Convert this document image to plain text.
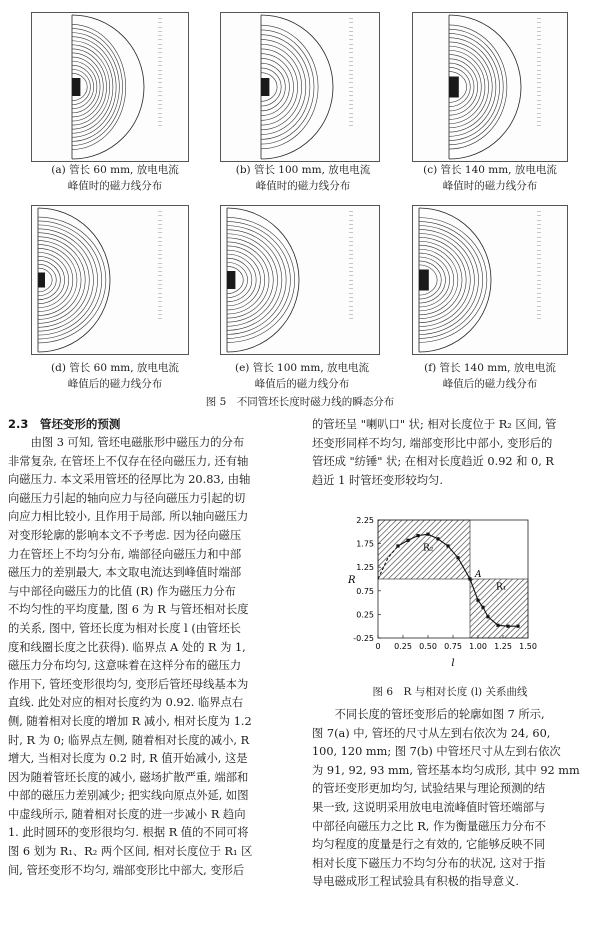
——
——
——
——
——
——
——
——
——
——
——
——
——
——
——
——
——
——
——
——
——
——
——
——
——
——

——
——
——
——
——
——
——
——
——
——
——
——
——
——
——
——
——
——
——
——
——
——
——
——
——
——

——
——
——
——
——
——
——
——
——
——
——
——
——
——
——
——
——
——
——
——
——
——
——
——
——
——

——
——
——
——
——
——
——
——
——
——
——
——
——
——
——
——
——
——
——
——
——
——
——
——
——
——

——
——
——
——
——
——
——
——
——
——
——
——
——
——
——
——
——
——
——
——
——
——
——
——
——
——

——
——
——
——
——
——
——
——
——
——
——
——
——
——
——
——
——
——
——
——
——
——
——
——
——
——

(a) 管长 60 mm, 放电电流
峰值时的磁力线分布
(b) 管长 100 mm, 放电电流
峰值时的磁力线分布
(c) 管长 140 mm, 放电电流
峰值时的磁力线分布
(d) 管长 60 mm, 放电电流
峰值后的磁力线分布
(e) 管长 100 mm, 放电电流
峰值后的磁力线分布
(f) 管长 140 mm, 放电电流
峰值后的磁力线分布
图 5　不同管坯长度时磁力线的瞬态分布
2.3　管坯变形的预测
　　由图 3 可知, 管坯电磁胀形中磁压力的分布
非常复杂, 在管坯上不仅存在径向磁压力, 还有轴
向磁压力. 本文采用管坯的径厚比为 20.83, 由轴
向磁压力引起的轴向应力与径向磁压力引起的切
向应力相比较小, 且作用于局部, 所以轴向磁压力
对变形轮廓的影响本文不予考虑. 因为径向磁压
力在管坯上不均匀分布, 端部径向磁压力和中部
磁压力的差别最大, 本文取电流达到峰值时端部
与中部径向磁压力的比值 (R) 作为磁压力分布
不均匀性的平均度量, 图 6 为 R 与管坯相对长度
的关系, 图中, 管坯长度为相对长度 l (由管坯长
度和线圈长度之比获得). 临界点 A 处的 R 为 1,
磁压力分布均匀, 这意味着在这样分布的磁压力
作用下, 管坯变形很均匀, 变形后管坯母线基本为
直线. 此处对应的相对长度约为 0.92. 临界点右
侧, 随着相对长度的增加 R 减小, 相对长度为 1.2
时, R 为 0; 临界点左侧, 随着相对长度的减小, R
增大, 当相对长度为 0.2 时, R 值开始减小, 这是
因为随着管坯长度的减小, 磁场扩散严重, 端部和
中部的磁压力差别减少; 把实线向原点外延, 如图
中虚线所示, 随着相对长度的进一步减小 R 趋向
1. 此时圆环的变形很均匀. 根据 R 值的不同可将
图 6 划为 R₁、R₂ 两个区间, 相对长度位于 R₁ 区
间, 管坯变形不均匀, 端部变形比中部大, 变形后
的管坯呈 "喇叭口" 状; 相对长度位于 R₂ 区间, 管
坯变形同样不均匀, 端部变形比中部小, 变形后的
管坯成 "纺锤" 状; 在相对长度趋近 0.92 和 0, R
趋近 1 时管坯变形较均匀.
0 0.25 0.50 0.75 1.00 1.25 1.50
2.25
1.75
1.25
0.75
0.25
-0.25
R
l
R₂
R₁
A
图 6　R 与相对长度 (l) 关系曲线
　　不同长度的管坯变形后的轮廓如图 7 所示,
图 7(a) 中, 管坯的尺寸从左到右依次为 24, 60,
100, 120 mm; 图 7(b) 中管坯尺寸从左到右依次
为 91, 92, 93 mm, 管坯基本均匀成形, 其中 92 mm
的管坯变形更加均匀, 试验结果与理论预测的结
果一致, 这说明采用放电电流峰值时管坯端部与
中部径向磁压力之比 R, 作为衡量磁压力分布不
均匀程度的度量是行之有效的, 它能够反映不同
相对长度下磁压力不均匀分布的状况, 这对于指
导电磁成形工程试验具有积极的指导意义.
